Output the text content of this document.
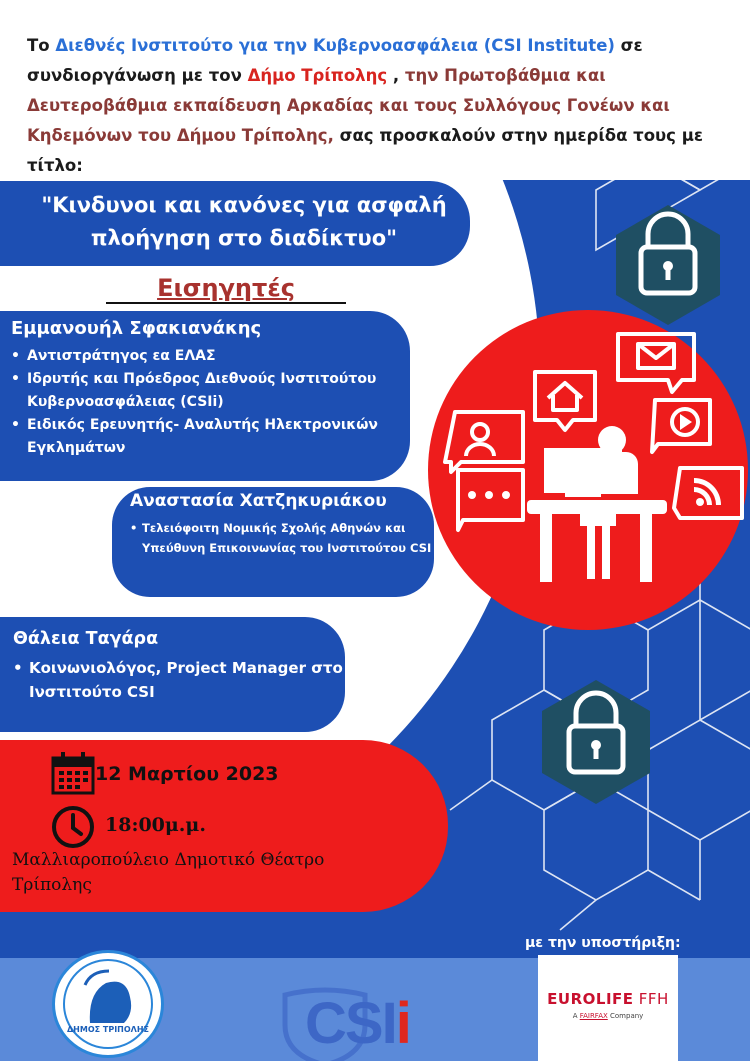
Το Διεθνές Ινστιτούτο για την Κυβερνοασφάλεια (CSI Institute) σε συνδιοργάνωση με τον Δήμο Τρίπολης , την Πρωτοβάθμια και Δευτεροβάθμια εκπαίδευση Αρκαδίας και τους Συλλόγους Γονέων και Κηδεμόνων του Δήμου Τρίπολης, σας προσκαλούν στην ημερίδα τους με τίτλο:
"Κινδυνοι και κανόνες για ασφαλή
πλοήγηση στο διαδίκτυο"
Εισηγητές
Εμμανουήλ Σφακιανάκης
• Αντιστράτηγος εα ΕΛΑΣ
• Ιδρυτής και Πρόεδρος Διεθνούς Ινστιτούτου Κυβερνοασφάλειας (CSIi)
• Ειδικός Ερευνητής- Αναλυτής Ηλεκτρονικών Εγκλημάτων
Αναστασία Χατζηκυριάκου
• Τελειόφοιτη Νομικής Σχολής Αθηνών και Υπεύθυνη Επικοινωνίας του Ινστιτούτου CSI
Θάλεια Ταγάρα
• Κοινωνιολόγος, Project Manager στο Ινστιτούτο CSI
12 Μαρτίου 2023
18:00μ.μ.
Μαλλιαροπούλειο Δημοτικό Θέατρο Τρίπολης
με την υποστήριξη:
ΔΗΜΟΣ ΤΡΙΠΟΛΗΣ	CSIi	EUROLIFE FFH
A FAIRFAX Company
